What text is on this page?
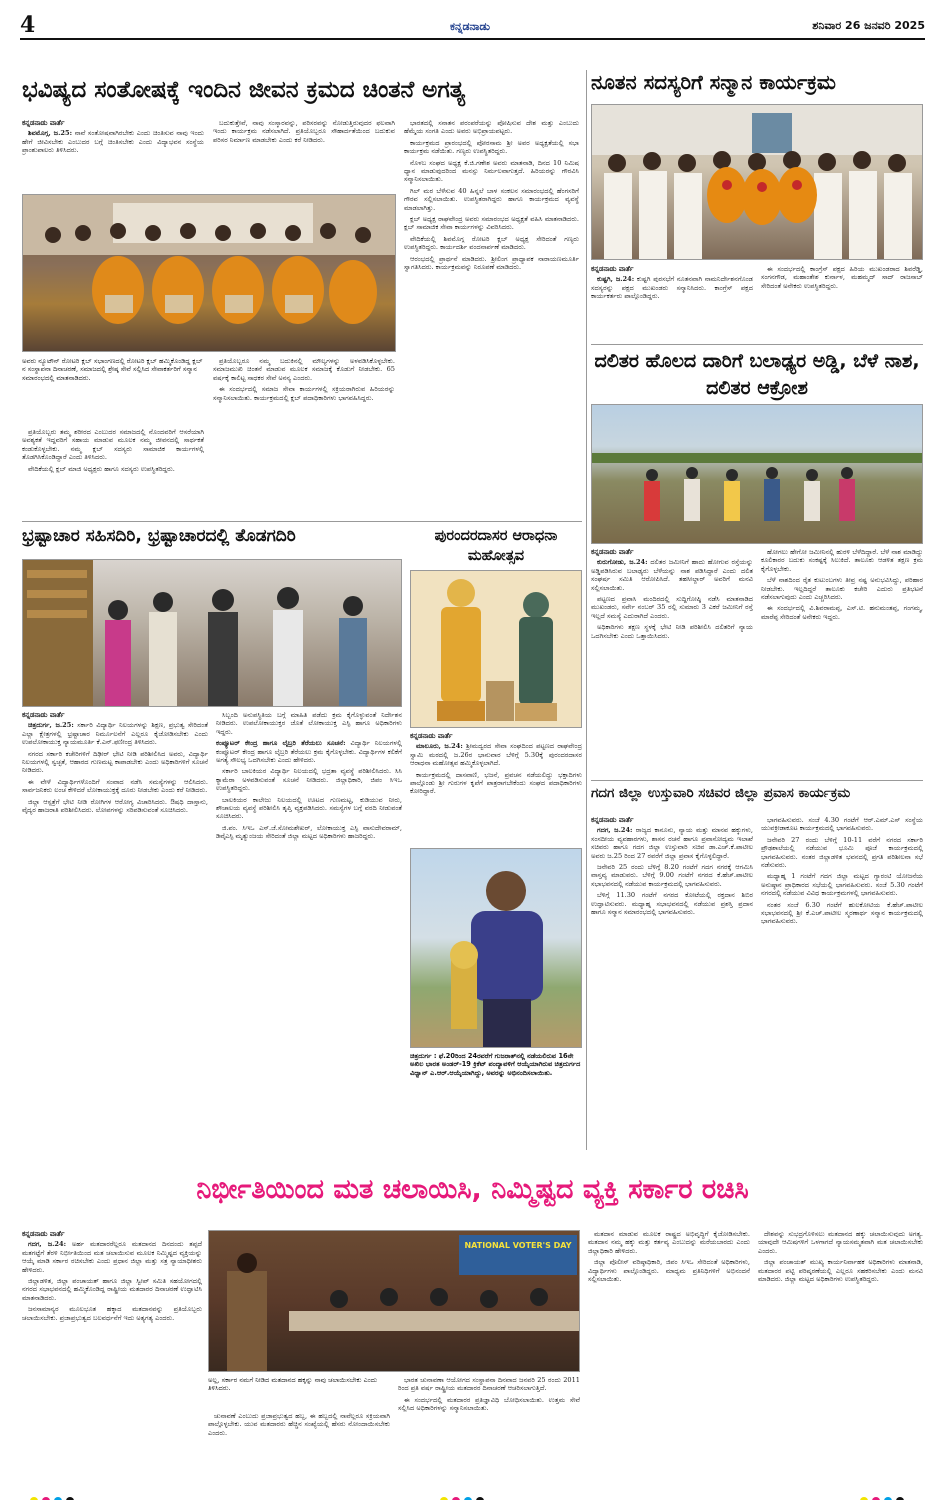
4	ಕನ್ನಡನಾಡು	ಶನಿವಾರ 26 ಜನವರಿ 2025
ಭವಿಷ್ಯದ ಸಂತೋಷಕ್ಕೆ ಇಂದಿನ ಜೀವನ ಕ್ರಮದ ಚಿಂತನೆ ಅಗತ್ಯ
ಕನ್ನಡನಾಡು ವಾರ್ತೆ

ಶಿವಮೊಗ್ಗ, ಜ.25: ನಾವೆ ಸಂತೋಷವಾಗಿರಬೇಕು ಎಂದು ಚಿಂತಿಸುವ ನಾವು ಇಂದು ಹೇಗೆ ಜೀವಿಸಬೇಕು ಎಂಬುದರ ಬಗ್ಗೆ ಚಿಂತಿಸಬೇಕು ಎಂದು ವಿದ್ಯಾಭವನ ಸಂಸ್ಥೆಯ ಪ್ರಾಂಶುಪಾಲರು ತಿಳಿಸಿದರು.

ಬದುಕುತ್ತೇವೆ, ನಾವು ಸಂಸ್ಕಾರವನ್ನು, ಪರಿಸರವನ್ನು ನೋಡುತ್ತಿರುವುದರ ಫಲವಾಗಿ ಇಂದು ಕಾರ್ಯಕ್ರಮ ನಡೆಸಲಾಗಿದೆ. ಪ್ರತಿಯೊಬ್ಬರೂ ಸೌಹಾರ್ದತೆಯಿಂದ ಬದುಕುವ ಪರಿಸರ ನಿರ್ಮಾಣ ಮಾಡಬೇಕು ಎಂದು ಕರೆ ನೀಡಿದರು.

ಭಾರತದಲ್ಲಿ ಸನಾತನ ಪರಂಪರೆಯನ್ನು ಪೋಷಿಸುವ ದೇಶ ಮತ್ತು ಎಂಬುದು ಹೆಮ್ಮೆಯ ಸಂಗತಿ ಎಂದು ಅವರು ಅಭಿಪ್ರಾಯಪಟ್ಟರು.

ಕಾರ್ಯಕ್ರಮದ ಪ್ರಾರಂಭದಲ್ಲಿ ಪೋರಸಾಮ ಶ್ರೀ ಅವರ ಅಧ್ಯಕ್ಷತೆಯಲ್ಲಿ ಸಭಾ ಕಾರ್ಯಕ್ರಮ ನಡೆಯಿತು. ಗಣ್ಯರು ಉಪಸ್ಥಿತರಿದ್ದರು.

ನೊಳಬ ಸಂಘದ ಅಧ್ಯಕ್ಷ ಕೆ.ಜಿ.ಗಣೇಶ ಅವರು ಮಾತನಾಡಿ, ದಿನದ 10 ನಿಮಿಷ ಧ್ಯಾನ ಮಾಡುವುದರಿಂದ ಮನಸ್ಸು ನಿರ್ಮಲವಾಗುತ್ತದೆ. ಹಿರಿಯರನ್ನು ಗೌರವಿಸಿ ಸನ್ಮಾನಿಸಲಾಯಿತು.

ಗಿಲ್ ಮರ ಬೆಳೆಸುವ 40 ಹಿನ್ನಲೆ ಬಾಳ ಸಂಕಲನ ಸಮಾರಂಭದಲ್ಲಿ ಹೆಂಗಸರಿಗೆ ಗೌರವ ಸಲ್ಲಿಸಲಾಯಿತು. ಉಪಸ್ಥಿತರಾಗಿದ್ದರು ಹಾಗೂ ಕಾರ್ಯಕ್ರಮದ ವ್ಯವಸ್ಥೆ ಮಾಡಲಾಗಿತ್ತು.

ಕ್ಲಬ್ ಅಧ್ಯಕ್ಷ ರಾಘವೇಂದ್ರ ಅವರು ಸಮಾರಂಭದ ಅಧ್ಯಕ್ಷತೆ ವಹಿಸಿ ಮಾತನಾಡಿದರು. ಕ್ಲಬ್ ಸಾಮಾಜಿಕ ಸೇವಾ ಕಾರ್ಯಗಳನ್ನು ವಿವರಿಸಿದರು.

ವೇದಿಕೆಯಲ್ಲಿ ಶಿವಮೊಗ್ಗ ರೋಟರಿ ಕ್ಲಬ್ ಅಧ್ಯಕ್ಷ ಸೇರಿದಂತೆ ಗಣ್ಯರು ಉಪಸ್ಥಿತರಿದ್ದರು. ಕಾರ್ಯದರ್ಶಿ ವಂದನಾರ್ಪಣೆ ಮಾಡಿದರು.

ಆರಂಭದಲ್ಲಿ ಪ್ರಾರ್ಥನೆ ಮಾಡಿದರು. ಶ್ರೀಲಿಂಗ ಪ್ರಾಧ್ಯಾಪಕ ನಾರಾಯಣಮೂರ್ತಿ ಸ್ವಾಗತಿಸಿದರು. ಕಾರ್ಯಕ್ರಮವನ್ನು ನಿರೂಪಣೆ ಮಾಡಿದರು.

ಅವರು ನ್ಯೂಟೌನ್ ರೋಟರಿ ಕ್ಲಬ್ ಸಭಾಂಗಣದಲ್ಲಿ ರೋಟರಿ ಕ್ಲಬ್ ಹಮ್ಮಿಕೊಂಡಿದ್ದ ಕ್ಲಬ್ ನ ಸಂಸ್ಥಾಪನಾ ದಿನಾಚರಣೆ, ಸಮಾಜದಲ್ಲಿ ಶ್ರೇಷ್ಠ ಸೇವೆ ಸಲ್ಲಿಸಿದ ಸೇವಾಕರ್ತರಿಗೆ ಸನ್ಮಾನ ಸಮಾರಂಭದಲ್ಲಿ ಮಾತನಾಡಿದರು.

ಪ್ರತಿಯೊಬ್ಬರು ತಮ್ಮ ಶರೀರದ ಎಂಬುದರ ಸಮಾಜದಲ್ಲಿ ನೊಂದವರಿಗೆ ಆಸರೆಯಾಗಿ ಅವಶ್ಯಕತೆ ಇದ್ದವರಿಗೆ ಸಹಾಯ ಮಾಡುವ ಮೂಲಕ ನಮ್ಮ ಜೀವನದಲ್ಲಿ ಸಾರ್ಥಕತೆ ಕಂಡುಕೊಳ್ಳಬೇಕು. ನಮ್ಮ ಕ್ಲಬ್ ಸದಸ್ಯರು ಸಾಮಾಜಿಕ ಕಾರ್ಯಗಳಲ್ಲಿ ತೊಡಗಿಸಿಕೊಂಡಿದ್ದಾರೆ ಎಂದು ತಿಳಿಸಿದರು.

ವೇದಿಕೆಯಲ್ಲಿ ಕ್ಲಬ್ ಮಾಜಿ ಅಧ್ಯಕ್ಷರು ಹಾಗೂ ಸದಸ್ಯರು ಉಪಸ್ಥಿತರಿದ್ದರು.

ಪ್ರತಿಯೊಬ್ಬರೂ ನಮ್ಮ ಬದುಕಿನಲ್ಲಿ ಮೌಲ್ಯಗಳನ್ನು ಅಳವಡಿಸಿಕೊಳ್ಳಬೇಕು. ಸಮಾಜಮುಖಿ ಚಿಂತನೆ ಮಾಡುವ ಮೂಲಕ ಸಮಾಜಕ್ಕೆ ಕೊಡುಗೆ ನೀಡಬೇಕು. 65 ವರ್ಷಕ್ಕೆ ಕಾಲಿಟ್ಟ ಸಾಧಕರ ಸೇವೆ ಅನನ್ಯ ಎಂದರು.

ಈ ಸಂದರ್ಭದಲ್ಲಿ ಸಮಾಜ ಸೇವಾ ಕಾರ್ಯಗಳಲ್ಲಿ ಸಕ್ರಿಯರಾಗಿರುವ ಹಿರಿಯರನ್ನು ಸನ್ಮಾನಿಸಲಾಯಿತು. ಕಾರ್ಯಕ್ರಮದಲ್ಲಿ ಕ್ಲಬ್ ಪದಾಧಿಕಾರಿಗಳು ಭಾಗವಹಿಸಿದ್ದರು.

ನೂತನ ಸದಸ್ಯರಿಗೆ ಸನ್ಮಾನ ಕಾರ್ಯಕ್ರಮ
ಕನ್ನಡನಾಡು ವಾರ್ತೆ

ಕುಷ್ಟಗಿ, ಜ.24: ಕುಷ್ಟಗಿ ಪುರಸಭೆಗೆ ನೂತನವಾಗಿ ನಾಮನಿರ್ದೇಶನಗೊಂಡ ಸದಸ್ಯರನ್ನು ಪಕ್ಷದ ಮುಖಂಡರು ಸನ್ಮಾನಿಸಿದರು. ಕಾಂಗ್ರೆಸ್ ಪಕ್ಷದ ಕಾರ್ಯಕರ್ತರು ಪಾಲ್ಗೊಂಡಿದ್ದರು.

ಈ ಸಂದರ್ಭದಲ್ಲಿ ಕಾಂಗ್ರೆಸ್ ಪಕ್ಷದ ಹಿರಿಯ ಮುಖಂಡರಾದ ಶಿವರೆಡ್ಡಿ, ಸಂಗನಗೌಡ, ಮಹಾಂತೇಶ ಕುರ್ನಾಳ, ಮಹಮ್ಮದ್ ಸಾದ್ ರಾಜಸಾಬ್ ಸೇರಿದಂತೆ ಅನೇಕರು ಉಪಸ್ಥಿತರಿದ್ದರು.

ದಲಿತರ ಹೊಲದ ದಾರಿಗೆ ಬಲಾಢ್ಯರ ಅಡ್ಡಿ, ಬೆಳೆ ನಾಶ, ದಲಿತರ ಆಕ್ರೋಶ
ಕನ್ನಡನಾಡು ವಾರ್ತೆ

ಕುರುಗೋಡು, ಜ.24: ದಲಿತರ ಜಮೀನಿಗೆ ಹಾದು ಹೋಗುವ ರಸ್ತೆಯನ್ನು ಅಡ್ಡಿಪಡಿಸಿರುವ ಬಲಾಢ್ಯರು ಬೆಳೆಯನ್ನು ನಾಶ ಪಡಿಸಿದ್ದಾರೆ ಎಂದು ದಲಿತ ಸಂಘರ್ಷ ಸಮಿತಿ ಆರೋಪಿಸಿದೆ. ತಹಸೀಲ್ದಾರ್ ಅವರಿಗೆ ಮನವಿ ಸಲ್ಲಿಸಲಾಯಿತು.

ಪಟ್ಟಣದ ಪ್ರವಾಸಿ ಮಂದಿರದಲ್ಲಿ ಸುದ್ದಿಗೋಷ್ಠಿ ನಡೆಸಿ ಮಾತನಾಡಿದ ಮುಖಂಡರು, ಸರ್ವೇ ನಂಬರ್ 35 ರಲ್ಲಿ ಸುಮಾರು 3 ಎಕರೆ ಜಮೀನಿಗೆ ರಸ್ತೆ ಇಲ್ಲದೆ ಸಮಸ್ಯೆ ಎದುರಾಗಿದೆ ಎಂದರು.

ಅಧಿಕಾರಿಗಳು ತಕ್ಷಣ ಸ್ಥಳಕ್ಕೆ ಭೇಟಿ ನೀಡಿ ಪರಿಶೀಲಿಸಿ ದಲಿತರಿಗೆ ನ್ಯಾಯ ಒದಗಿಸಬೇಕು ಎಂದು ಒತ್ತಾಯಿಸಿದರು.

ಹೋಗಲು ಹೇಗೋ ಜಮೀನಿನಲ್ಲಿ ಹುರಳಿ ಬೆಳೆದಿದ್ದಾರೆ. ಬೆಳೆ ನಾಶ ಮಾಡಿದ್ದು ಕೂಲಿಕಾರರ ಬದುಕು ಸಂಕಷ್ಟಕ್ಕೆ ಸಿಲುಕಿದೆ. ತಾಲೂಕು ಆಡಳಿತ ತಕ್ಷಣ ಕ್ರಮ ಕೈಗೊಳ್ಳಬೇಕು.

ಬೆಳೆ ನಾಶದಿಂದ ರೈತ ಕುಟುಂಬಗಳು ತೀವ್ರ ನಷ್ಟ ಅನುಭವಿಸಿದ್ದು, ಪರಿಹಾರ ನೀಡಬೇಕು. ಇಲ್ಲದಿದ್ದರೆ ತಾಲೂಕು ಕಚೇರಿ ಎದುರು ಪ್ರತಿಭಟನೆ ನಡೆಸಲಾಗುವುದು ಎಂದು ಎಚ್ಚರಿಸಿದರು.

ಈ ಸಂದರ್ಭದಲ್ಲಿ ವಿ.ಶಿವರಾಮಪ್ಪ, ಎಸ್.ಟಿ. ಹನುಮಂತಪ್ಪ, ಗಂಗಮ್ಮ, ಮಾರೆಪ್ಪ ಸೇರಿದಂತೆ ಅನೇಕರು ಇದ್ದರು.

ಭ್ರಷ್ಟಾಚಾರ ಸಹಿಸದಿರಿ, ಭ್ರಷ್ಟಾಚಾರದಲ್ಲಿ ತೊಡಗದಿರಿ
ಕನ್ನಡನಾಡು ವಾರ್ತೆ

ಚಿತ್ರದುರ್ಗ, ಜ.25: ಸರ್ಕಾರಿ ವಿದ್ಯಾರ್ಥಿ ನಿಲಯಗಳನ್ನು ಶಿಕ್ಷಣ, ಪ್ರಭುತ್ವ ಸೇರಿದಂತೆ ಎಲ್ಲಾ ಕ್ಷೇತ್ರಗಳಲ್ಲಿ ಭ್ರಷ್ಟಾಚಾರ ನಿರ್ಮೂಲನೆಗೆ ಎಲ್ಲರೂ ಕೈಜೋಡಿಸಬೇಕು ಎಂದು ಉಪಲೋಕಾಯುಕ್ತ ನ್ಯಾಯಮೂರ್ತಿ ಕೆ.ಎನ್.ಫಣೀಂದ್ರ ತಿಳಿಸಿದರು.

ನಗರದ ಸರ್ಕಾರಿ ಕಚೇರಿಗಳಿಗೆ ದಿಢೀರ್ ಭೇಟಿ ನೀಡಿ ಪರಿಶೀಲಿಸಿದ ಅವರು, ವಿದ್ಯಾರ್ಥಿ ನಿಲಯಗಳಲ್ಲಿ ಸ್ವಚ್ಛತೆ, ಆಹಾರದ ಗುಣಮಟ್ಟ ಕಾಪಾಡಬೇಕು ಎಂದು ಅಧಿಕಾರಿಗಳಿಗೆ ಸೂಚನೆ ನೀಡಿದರು.

ಈ ವೇಳೆ ವಿದ್ಯಾರ್ಥಿಗಳೊಂದಿಗೆ ಸಂವಾದ ನಡೆಸಿ ಸಮಸ್ಯೆಗಳನ್ನು ಆಲಿಸಿದರು. ಸಾರ್ವಜನಿಕರು ಲಂಚ ಕೇಳಿದರೆ ಲೋಕಾಯುಕ್ತಕ್ಕೆ ದೂರು ನೀಡಬೇಕು ಎಂದು ಕರೆ ನೀಡಿದರು.

ಜಿಲ್ಲಾ ಆಸ್ಪತ್ರೆಗೆ ಭೇಟಿ ನೀಡಿ ರೋಗಿಗಳ ಆರೋಗ್ಯ ವಿಚಾರಿಸಿದರು. ಔಷಧಿ ದಾಸ್ತಾನು, ವೈದ್ಯರ ಹಾಜರಾತಿ ಪರಿಶೀಲಿಸಿದರು. ಲೋಪಗಳನ್ನು ಸರಿಪಡಿಸುವಂತೆ ಸೂಚಿಸಿದರು.

ಸಿಬ್ಬಂದಿ ಅನುಪಸ್ಥಿತಿಯ ಬಗ್ಗೆ ಮಾಹಿತಿ ಪಡೆದು ಕ್ರಮ ಕೈಗೊಳ್ಳುವಂತೆ ನಿರ್ದೇಶನ ನೀಡಿದರು. ಉಪಲೋಕಾಯುಕ್ತರ ಜೊತೆ ಲೋಕಾಯುಕ್ತ ಎಸ್ಪಿ ಹಾಗೂ ಅಧಿಕಾರಿಗಳು ಇದ್ದರು.

ಕಂಪ್ಯೂಟರ್ ಕೇಂದ್ರ ಹಾಗೂ ಲೈಬ್ರರಿ ತೆರೆಯಲು ಸೂಚನೆ: ವಿದ್ಯಾರ್ಥಿ ನಿಲಯಗಳಲ್ಲಿ ಕಂಪ್ಯೂಟರ್ ಕೇಂದ್ರ ಹಾಗೂ ಲೈಬ್ರರಿ ತೆರೆಯಲು ಕ್ರಮ ಕೈಗೊಳ್ಳಬೇಕು. ವಿದ್ಯಾರ್ಥಿಗಳ ಕಲಿಕೆಗೆ ಅಗತ್ಯ ಸೌಲಭ್ಯ ಒದಗಿಸಬೇಕು ಎಂದು ಹೇಳಿದರು.

ಸರ್ಕಾರಿ ಬಾಲಕಿಯರ ವಿದ್ಯಾರ್ಥಿ ನಿಲಯದಲ್ಲಿ ಭದ್ರತಾ ವ್ಯವಸ್ಥೆ ಪರಿಶೀಲಿಸಿದರು. ಸಿಸಿ ಕ್ಯಾಮೆರಾ ಅಳವಡಿಸುವಂತೆ ಸೂಚನೆ ನೀಡಿದರು. ಜಿಲ್ಲಾಧಿಕಾರಿ, ಜಿಪಂ ಸಿಇಒ ಉಪಸ್ಥಿತರಿದ್ದರು.

ಬಾಲಕಿಯರ ಕಾಲೇಜು ನಿಲಯದಲ್ಲಿ ಊಟದ ಗುಣಮಟ್ಟ, ಕುಡಿಯುವ ನೀರು, ಶೌಚಾಲಯ ವ್ಯವಸ್ಥೆ ಪರಿಶೀಲಿಸಿ ತೃಪ್ತಿ ವ್ಯಕ್ತಪಡಿಸಿದರು. ಸಮಸ್ಯೆಗಳ ಬಗ್ಗೆ ವರದಿ ನೀಡುವಂತೆ ಸೂಚಿಸಿದರು.

ಜಿ.ಪಂ. ಸಿಇಒ ಎಸ್.ಜೆ.ಸೋಮಶೇಖರ್, ಲೋಕಾಯುಕ್ತ ಎಸ್ಪಿ ವಾಸುದೇವರಾಮ್, ಡಿವೈಎಸ್ಪಿ ಮೃತ್ಯುಂಜಯ ಸೇರಿದಂತೆ ಜಿಲ್ಲಾ ಮಟ್ಟದ ಅಧಿಕಾರಿಗಳು ಹಾಜರಿದ್ದರು.

ಪುರಂದರದಾಸರ ಆರಾಧನಾ ಮಹೋತ್ಸವ
ಕನ್ನಡನಾಡು ವಾರ್ತೆ

ಮಾಲೂರು, ಜ.24: ಶ್ರೀಮದ್ವರದ ಸೇವಾ ಸಂಘದಿಂದ ಪಟ್ಟಣದ ರಾಘವೇಂದ್ರ ಸ್ವಾಮಿ ಮಠದಲ್ಲಿ ಜ.26ರ ಭಾನುವಾರ ಬೆಳಿಗ್ಗೆ 5.30ಕ್ಕೆ ಪುರಂದರದಾಸರ ಆರಾಧನಾ ಮಹೋತ್ಸವ ಹಮ್ಮಿಕೊಳ್ಳಲಾಗಿದೆ.

ಕಾರ್ಯಕ್ರಮದಲ್ಲಿ ದಾಸವಾಣಿ, ಭಜನೆ, ಪ್ರವಚನ ನಡೆಯಲಿದ್ದು ಭಕ್ತಾದಿಗಳು ಪಾಲ್ಗೊಂಡು ಶ್ರೀ ಗುರುಗಳ ಕೃಪೆಗೆ ಪಾತ್ರರಾಗಬೇಕೆಂದು ಸಂಘದ ಪದಾಧಿಕಾರಿಗಳು ಕೋರಿದ್ದಾರೆ.

ಚಿತ್ರದುರ್ಗ : ಫೆ.20ರಿಂದ 24ರವರೆಗೆ ಗುಜರಾತ್‌ನಲ್ಲಿ ನಡೆಯಲಿರುವ 16ನೇ ಅಖಿಲ ಭಾರತ ಅಂಡರ್-19 ಕ್ರಿಕೆಟ್ ಪಂದ್ಯಾವಳಿಗೆ ಆಯ್ಕೆಯಾಗಿರುವ ಚಿತ್ರದುರ್ಗದ ವಿಧ್ವಾನ್ ಎ.ಆರ್.ಆಯ್ಕೆಯಾಗಿದ್ದು, ಅವರನ್ನು ಅಭಿನಂದಿಸಲಾಯಿತು.
ಗದಗ ಜಿಲ್ಲಾ ಉಸ್ತುವಾರಿ ಸಚಿವರ ಜಿಲ್ಲಾ ಪ್ರವಾಸ ಕಾರ್ಯಕ್ರಮ
ಕನ್ನಡನಾಡು ವಾರ್ತೆ

ಗದಗ, ಜ.24: ರಾಜ್ಯದ ಕಾನೂನು, ನ್ಯಾಯ ಮತ್ತು ಮಾನವ ಹಕ್ಕುಗಳು, ಸಂಸದೀಯ ವ್ಯವಹಾರಗಳು, ಶಾಸನ ರಚನೆ ಹಾಗೂ ಪ್ರವಾಸೋದ್ಯಮ ಇಲಾಖೆ ಸಚಿವರು ಹಾಗೂ ಗದಗ ಜಿಲ್ಲಾ ಉಸ್ತುವಾರಿ ಸಚಿವ ಡಾ.ಎಚ್.ಕೆ.ಪಾಟೀಲ ಅವರು ಜ.25 ರಿಂದ 27 ರವರೆಗೆ ಜಿಲ್ಲಾ ಪ್ರವಾಸ ಕೈಗೊಳ್ಳಲಿದ್ದಾರೆ.

ಜನೇವರಿ 25 ರಂದು ಬೆಳಿಗ್ಗೆ 8.20 ಗಂಟೆಗೆ ಗದಗ ನಗರಕ್ಕೆ ಆಗಮಿಸಿ ವಾಸ್ತವ್ಯ ಮಾಡುವರು. ಬೆಳಿಗ್ಗೆ 9.00 ಗಂಟೆಗೆ ನಗರದ ಕೆ.ಹೆಚ್.ಪಾಟೀಲ ಸಭಾಭವನದಲ್ಲಿ ನಡೆಯುವ ಕಾರ್ಯಕ್ರಮದಲ್ಲಿ ಭಾಗವಹಿಸುವರು.

ಬೆಳಿಗ್ಗೆ 11.30 ಗಂಟೆಗೆ ನಗರದ ಕೋಟೆಯಲ್ಲಿ ರಕ್ತದಾನ ಶಿಬಿರ ಉದ್ಘಾಟಿಸುವರು. ಮಧ್ಯಾಹ್ನ ಸಭಾಭವನದಲ್ಲಿ ನಡೆಯುವ ಪ್ರಶಸ್ತಿ ಪ್ರದಾನ ಹಾಗೂ ಸನ್ಮಾನ ಸಮಾರಂಭದಲ್ಲಿ ಭಾಗವಹಿಸುವರು.

ಭಾಗವಹಿಸುವರು. ಸಂಜೆ 4.30 ಗಂಟೆಗೆ ಆರ್.ಎಮ್.ಎಸ್ ಸಂಸ್ಥೆಯ ಯುವಕ್ರೀಡಾಕೂಟ ಕಾರ್ಯಕ್ರಮದಲ್ಲಿ ಭಾಗವಹಿಸುವರು.

ಜನೇವರಿ 27 ರಂದು ಬೆಳಿಗ್ಗೆ 10-11 ವರೆಗೆ ನಗರದ ಸರ್ಕಾರಿ ಪ್ರೌಢಶಾಲೆಯಲ್ಲಿ ನಡೆಯುವ ಭೂಮಿ ಪೂಜೆ ಕಾರ್ಯಕ್ರಮದಲ್ಲಿ ಭಾಗವಹಿಸುವರು. ನಂತರ ಜಿಲ್ಲಾಡಳಿತ ಭವನದಲ್ಲಿ ಪ್ರಗತಿ ಪರಿಶೀಲನಾ ಸಭೆ ನಡೆಸುವರು.

ಮಧ್ಯಾಹ್ನ 1 ಗಂಟೆಗೆ ಗದಗ ಜಿಲ್ಲಾ ಮಟ್ಟದ ಗ್ಯಾರಂಟಿ ಯೋಜನೆಯ ಅನುಷ್ಠಾನ ಪ್ರಾಧಿಕಾರದ ಸಭೆಯಲ್ಲಿ ಭಾಗವಹಿಸುವರು. ಸಂಜೆ 5.30 ಗಂಟೆಗೆ ನಗರದಲ್ಲಿ ನಡೆಯುವ ವಿವಿಧ ಕಾರ್ಯಕ್ರಮಗಳಲ್ಲಿ ಭಾಗವಹಿಸುವರು.

ನಂತರ ಸಂಜೆ 6.30 ಗಂಟೆಗೆ ಹುಲಕೋಟಿಯ ಕೆ.ಹೆಚ್.ಪಾಟೀಲ ಸಭಾಭವನದಲ್ಲಿ ಶ್ರೀ ಕೆ.ಎಚ್.ಪಾಟೀಲ ಸ್ಮರಣಾರ್ಥ ಸನ್ಮಾನ ಕಾರ್ಯಕ್ರಮದಲ್ಲಿ ಭಾಗವಹಿಸುವರು.

ನಿರ್ಭೀತಿಯಿಂದ ಮತ ಚಲಾಯಿಸಿ, ನಿಮ್ಮಿಷ್ಟದ ವ್ಯಕ್ತಿ ಸರ್ಕಾರ ರಚಿಸಿ
ಕನ್ನಡನಾಡು ವಾರ್ತೆ

ಗದಗ, ಜ.24: ಅರ್ಹ ಮತದಾರರೆಲ್ಲರೂ ಮತದಾನದ ದಿನದಂದು ತಪ್ಪದೆ ಮತಗಟ್ಟೆಗೆ ತೆರಳಿ ನಿರ್ಭೀತಿಯಿಂದ ಮತ ಚಲಾಯಿಸುವ ಮೂಲಕ ನಿಮ್ಮಿಷ್ಟದ ವ್ಯಕ್ತಿಯನ್ನು ಆಯ್ಕೆ ಮಾಡಿ ಸರ್ಕಾರ ರಚಿಸಬೇಕು ಎಂದು ಪ್ರಧಾನ ಜಿಲ್ಲಾ ಮತ್ತು ಸತ್ರ ನ್ಯಾಯಾಧೀಶರು ಹೇಳಿದರು.

ಜಿಲ್ಲಾಡಳಿತ, ಜಿಲ್ಲಾ ಪಂಚಾಯತ್ ಹಾಗೂ ಜಿಲ್ಲಾ ಸ್ವೀಪ್ ಸಮಿತಿ ಸಹಯೋಗದಲ್ಲಿ ನಗರದ ಸಭಾಭವನದಲ್ಲಿ ಹಮ್ಮಿಕೊಂಡಿದ್ದ ರಾಷ್ಟ್ರೀಯ ಮತದಾರರ ದಿನಾಚರಣೆ ಉದ್ಘಾಟಿಸಿ ಮಾತನಾಡಿದರು.

ಜನಸಾಮಾನ್ಯರ ಮೂಲಭೂತ ಹಕ್ಕಾದ ಮತದಾನವನ್ನು ಪ್ರತಿಯೊಬ್ಬರು ಚಲಾಯಿಸಬೇಕು. ಪ್ರಜಾಪ್ರಭುತ್ವದ ಬಲವರ್ಧನೆಗೆ ಇದು ಅತ್ಯಗತ್ಯ ಎಂದರು.

NATIONAL VOTER'S DAY
ಅಲ್ಲ, ಸರ್ಕಾರ ನಮಗೆ ನೀಡಿದ ಮತದಾನದ ಹಕ್ಕನ್ನು ನಾವು ಚಲಾಯಿಸಬೇಕು ಎಂದು ತಿಳಿಸಿದರು.

ಚುನಾವಣೆ ಎಂಬುದು ಪ್ರಜಾಪ್ರಭುತ್ವದ ಹಬ್ಬ, ಈ ಹಬ್ಬದಲ್ಲಿ ನಾವೆಲ್ಲರೂ ಸಕ್ರಿಯವಾಗಿ ಪಾಲ್ಗೊಳ್ಳಬೇಕು. ಯುವ ಮತದಾರರು ಹೆಚ್ಚಿನ ಸಂಖ್ಯೆಯಲ್ಲಿ ಹೆಸರು ನೋಂದಾಯಿಸಬೇಕು ಎಂದರು.

ಭಾರತ ಚುನಾವಣಾ ಆಯೋಗದ ಸಂಸ್ಥಾಪನಾ ದಿನವಾದ ಜನವರಿ 25 ರಂದು 2011 ರಿಂದ ಪ್ರತಿ ವರ್ಷ ರಾಷ್ಟ್ರೀಯ ಮತದಾರರ ದಿನಾಚರಣೆ ಆಚರಿಸಲಾಗುತ್ತಿದೆ.

ಈ ಸಂದರ್ಭದಲ್ಲಿ ಮತದಾರರ ಪ್ರತಿಜ್ಞಾವಿಧಿ ಬೋಧಿಸಲಾಯಿತು. ಉತ್ತಮ ಸೇವೆ ಸಲ್ಲಿಸಿದ ಅಧಿಕಾರಿಗಳನ್ನು ಸನ್ಮಾನಿಸಲಾಯಿತು.

ಮತದಾನ ಮಾಡುವ ಮೂಲಕ ರಾಷ್ಟ್ರದ ಅಭಿವೃದ್ಧಿಗೆ ಕೈಜೋಡಿಸಬೇಕು. ಮತದಾನ ನಮ್ಮ ಹಕ್ಕು ಮತ್ತು ಕರ್ತವ್ಯ ಎಂಬುದನ್ನು ಮರೆಯಬಾರದು ಎಂದು ಜಿಲ್ಲಾಧಿಕಾರಿ ಹೇಳಿದರು.

ಜಿಲ್ಲಾ ಪೊಲೀಸ್ ವರಿಷ್ಠಾಧಿಕಾರಿ, ಜಿಪಂ ಸಿಇಒ ಸೇರಿದಂತೆ ಅಧಿಕಾರಿಗಳು, ವಿದ್ಯಾರ್ಥಿಗಳು ಪಾಲ್ಗೊಂಡಿದ್ದರು. ಮಾಧ್ಯಮ ಪ್ರತಿನಿಧಿಗಳಿಗೆ ಅಭಿನಂದನೆ ಸಲ್ಲಿಸಲಾಯಿತು.

ದೇಶವನ್ನು ಸುಭದ್ರಗೊಳಿಸಲು ಮತದಾನದ ಹಕ್ಕು ಚಲಾಯಿಸುವುದು ಅಗತ್ಯ. ಯಾವುದೇ ಆಮಿಷಗಳಿಗೆ ಒಳಗಾಗದೆ ನ್ಯಾಯಸಮ್ಮತವಾಗಿ ಮತ ಚಲಾಯಿಸಬೇಕು ಎಂದರು.

ಜಿಲ್ಲಾ ಪಂಚಾಯತ್ ಮುಖ್ಯ ಕಾರ್ಯನಿರ್ವಾಹಕ ಅಧಿಕಾರಿಗಳು ಮಾತನಾಡಿ, ಮತದಾರರ ಪಟ್ಟಿ ಪರಿಷ್ಕರಣೆಯಲ್ಲಿ ಎಲ್ಲರೂ ಸಹಕರಿಸಬೇಕು ಎಂದು ಮನವಿ ಮಾಡಿದರು. ಜಿಲ್ಲಾ ಮಟ್ಟದ ಅಧಿಕಾರಿಗಳು ಉಪಸ್ಥಿತರಿದ್ದರು.
